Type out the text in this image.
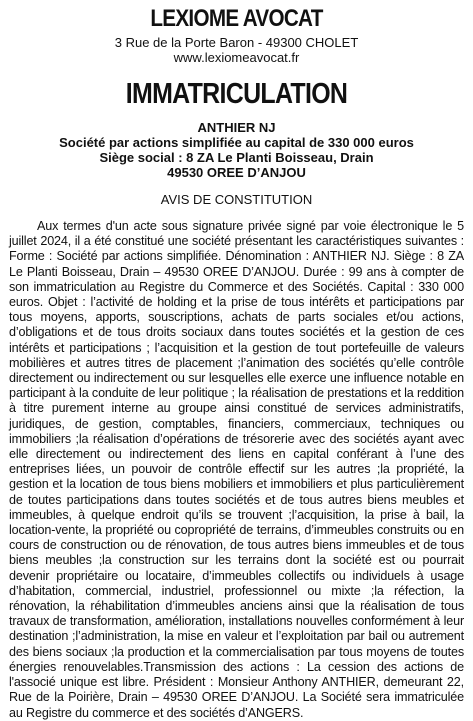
LEXIOME AVOCAT
3 Rue de la Porte Baron - 49300 CHOLET
www.lexiomeavocat.fr
IMMATRICULATION
ANTHIER NJ
Société par actions simplifiée au capital de 330 000 euros
Siège social : 8 ZA Le Planti Boisseau, Drain
49530 OREE D’ANJOU
AVIS DE CONSTITUTION

Aux termes d'un acte sous signature privée signé par voie électronique le 5 juillet 2024, il a été constitué une société présentant les caractéristiques suivantes : Forme : Société par actions simplifiée. Dénomination : ANTHIER NJ. Siège : 8 ZA Le Planti Boisseau, Drain – 49530 OREE D’ANJOU. Durée : 99 ans à compter de son immatriculation au Registre du Commerce et des Sociétés. Capital : 330 000 euros. Objet : l’activité de holding et la prise de tous intérêts et participations par tous moyens, apports, souscriptions, achats de parts sociales et/ou actions, d’obligations et de tous droits sociaux dans toutes sociétés et la gestion de ces intérêts et participations ; l’acquisition et la gestion de tout portefeuille de valeurs mobilières et autres titres de placement ;l’animation des sociétés qu’elle contrôle directement ou indirectement ou sur lesquelles elle exerce une influence notable en participant à la conduite de leur politique ; la réalisation de prestations et la reddition à titre purement interne au groupe ainsi constitué de services administratifs, juridiques, de gestion, comptables, financiers, commerciaux, techniques ou immobiliers ;la réalisation d’opérations de trésorerie avec des sociétés ayant avec elle directement ou indirectement des liens en capital conférant à l’une des entreprises liées, un pouvoir de contrôle effectif sur les autres ;la propriété, la gestion et la location de tous biens mobiliers et immobiliers et plus particulièrement de toutes participations dans toutes sociétés et de tous autres biens meubles et immeubles, à quelque endroit qu’ils se trouvent ;l’acquisition, la prise à bail, la location-vente, la propriété ou copropriété de terrains, d’immeubles construits ou en cours de construction ou de rénovation, de tous autres biens immeubles et de tous biens meubles ;la construction sur les terrains dont la société est ou pourrait devenir propriétaire ou locataire, d’immeubles collectifs ou individuels à usage d’habitation, commercial, industriel, professionnel ou mixte ;la réfection, la rénovation, la réhabilitation d’immeubles anciens ainsi que la réalisation de tous travaux de transformation, amélioration, installations nouvelles conformément à leur destination ;l’administration, la mise en valeur et l’exploitation par bail ou autrement des biens sociaux ;la production et la commercialisation par tous moyens de toutes énergies renouvelables.Transmission des actions : La cession des actions de l'associé unique est libre. Président : Monsieur Anthony ANTHIER, demeurant 22, Rue de la Poirière, Drain – 49530 OREE D’ANJOU. La Société sera immatriculée au Registre du commerce et des sociétés d’ANGERS.
